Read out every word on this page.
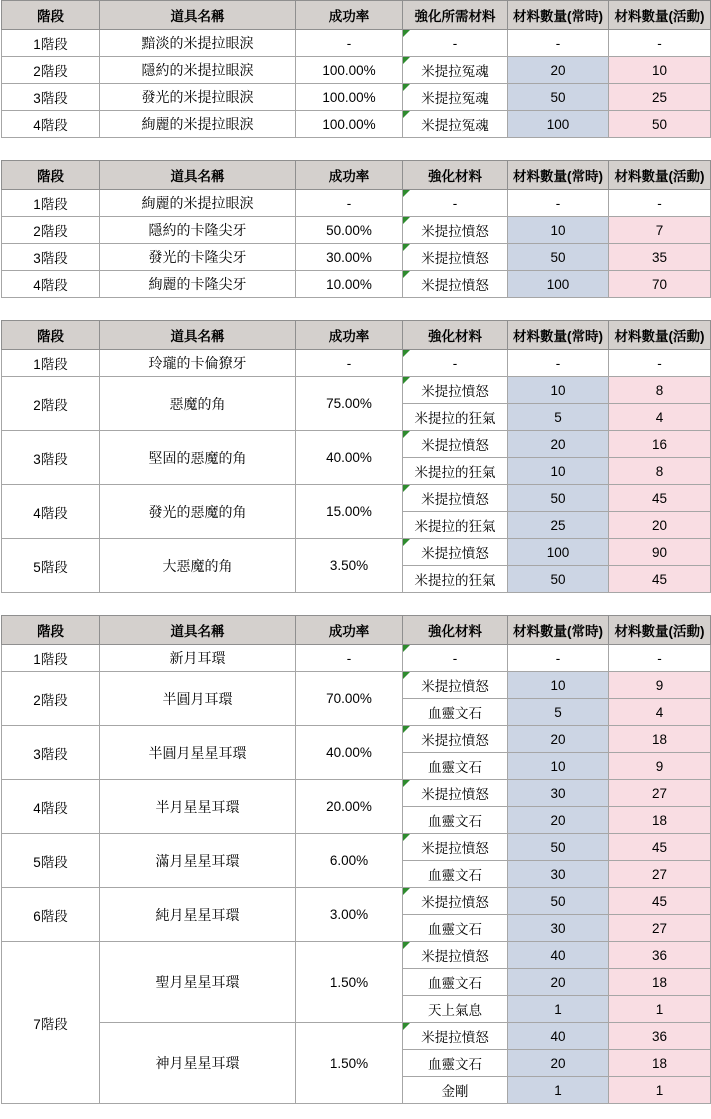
階段	道具名稱	成功率	強化所需材料	材料數量(常時)	材料數量(活動)
1階段	黯淡的米提拉眼淚	-	-	-	-
2階段	隱約的米提拉眼淚	100.00%	米提拉冤魂	20	10
3階段	發光的米提拉眼淚	100.00%	米提拉冤魂	50	25
4階段	絢麗的米提拉眼淚	100.00%	米提拉冤魂	100	50
階段	道具名稱	成功率	強化材料	材料數量(常時)	材料數量(活動)
1階段	絢麗的米提拉眼淚	-	-	-	-
2階段	隱約的卡隆尖牙	50.00%	米提拉憤怒	10	7
3階段	發光的卡隆尖牙	30.00%	米提拉憤怒	50	35
4階段	絢麗的卡隆尖牙	10.00%	米提拉憤怒	100	70
階段	道具名稱	成功率	強化材料	材料數量(常時)	材料數量(活動)
1階段	玲瓏的卡倫獠牙	-	-	-	-
2階段	惡魔的角	75.00%	米提拉憤怒	10	8
			米提拉的狂氣	5	4
3階段	堅固的惡魔的角	40.00%	米提拉憤怒	20	16
			米提拉的狂氣	10	8
4階段	發光的惡魔的角	15.00%	米提拉憤怒	50	45
			米提拉的狂氣	25	20
5階段	大惡魔的角	3.50%	米提拉憤怒	100	90
			米提拉的狂氣	50	45
階段	道具名稱	成功率	強化材料	材料數量(常時)	材料數量(活動)
1階段	新月耳環	-	-	-	-
2階段	半圓月耳環	70.00%	米提拉憤怒	10	9
			血靈文石	5	4
3階段	半圓月星星耳環	40.00%	米提拉憤怒	20	18
			血靈文石	10	9
4階段	半月星星耳環	20.00%	米提拉憤怒	30	27
			血靈文石	20	18
5階段	滿月星星耳環	6.00%	米提拉憤怒	50	45
			血靈文石	30	27
6階段	純月星星耳環	3.00%	米提拉憤怒	50	45
			血靈文石	30	27
7階段	聖月星星耳環	1.50%	米提拉憤怒	40	36
			血靈文石	20	18
			天上氣息	1	1
	神月星星耳環	1.50%	米提拉憤怒	40	36
			血靈文石	20	18
			金剛	1	1
